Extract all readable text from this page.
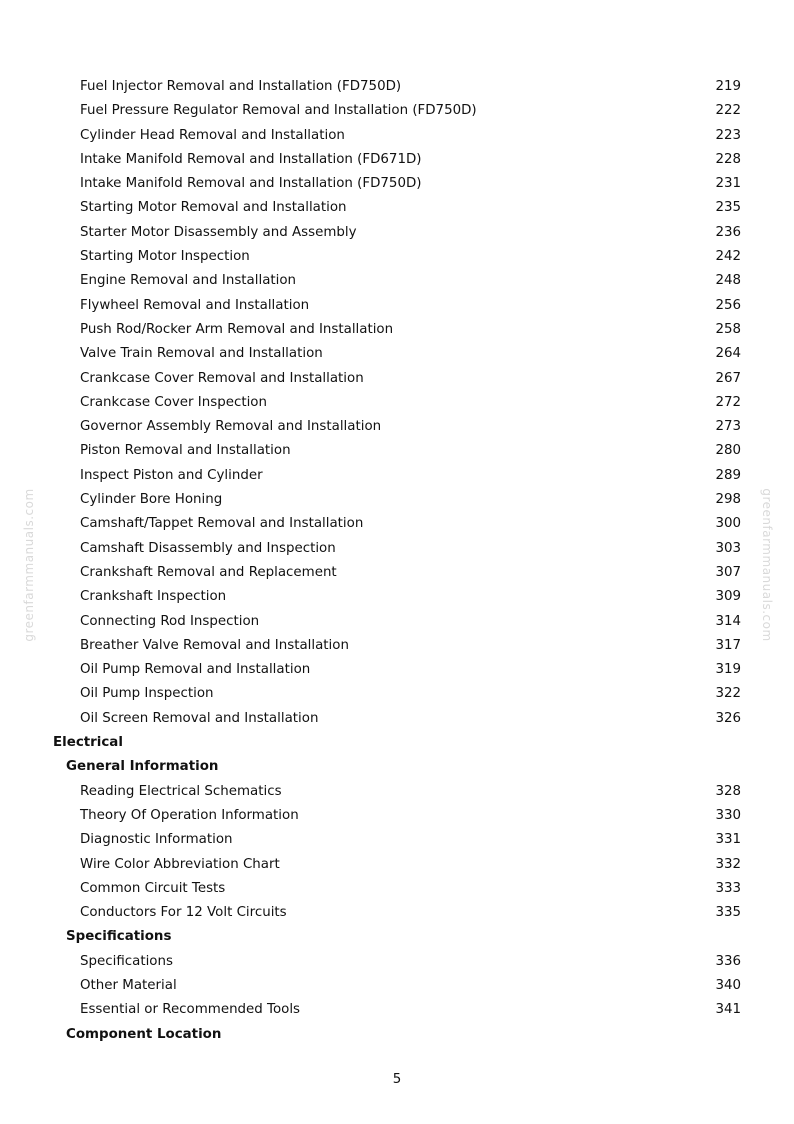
Fuel Injector Removal and Installation (FD750D)	219
Fuel Pressure Regulator Removal and Installation (FD750D)	222
Cylinder Head Removal and Installation	223
Intake Manifold Removal and Installation (FD671D)	228
Intake Manifold Removal and Installation (FD750D)	231
Starting Motor Removal and Installation	235
Starter Motor Disassembly and Assembly	236
Starting Motor Inspection	242
Engine Removal and Installation	248
Flywheel Removal and Installation	256
Push Rod/Rocker Arm Removal and Installation	258
Valve Train Removal and Installation	264
Crankcase Cover Removal and Installation	267
Crankcase Cover Inspection	272
Governor Assembly Removal and Installation	273
Piston Removal and Installation	280
Inspect Piston and Cylinder	289
Cylinder Bore Honing	298
Camshaft/Tappet Removal and Installation	300
Camshaft Disassembly and Inspection	303
Crankshaft Removal and Replacement	307
Crankshaft Inspection	309
Connecting Rod Inspection	314
Breather Valve Removal and Installation	317
Oil Pump Removal and Installation	319
Oil Pump Inspection	322
Oil Screen Removal and Installation	326
Electrical
General Information
Reading Electrical Schematics	328
Theory Of Operation Information	330
Diagnostic Information	331
Wire Color Abbreviation Chart	332
Common Circuit Tests	333
Conductors For 12 Volt Circuits	335
Specifications
Specifications	336
Other Material	340
Essential or Recommended Tools	341
Component Location
greenfarmmanuals.com	greenfarmmanuals.com
5
